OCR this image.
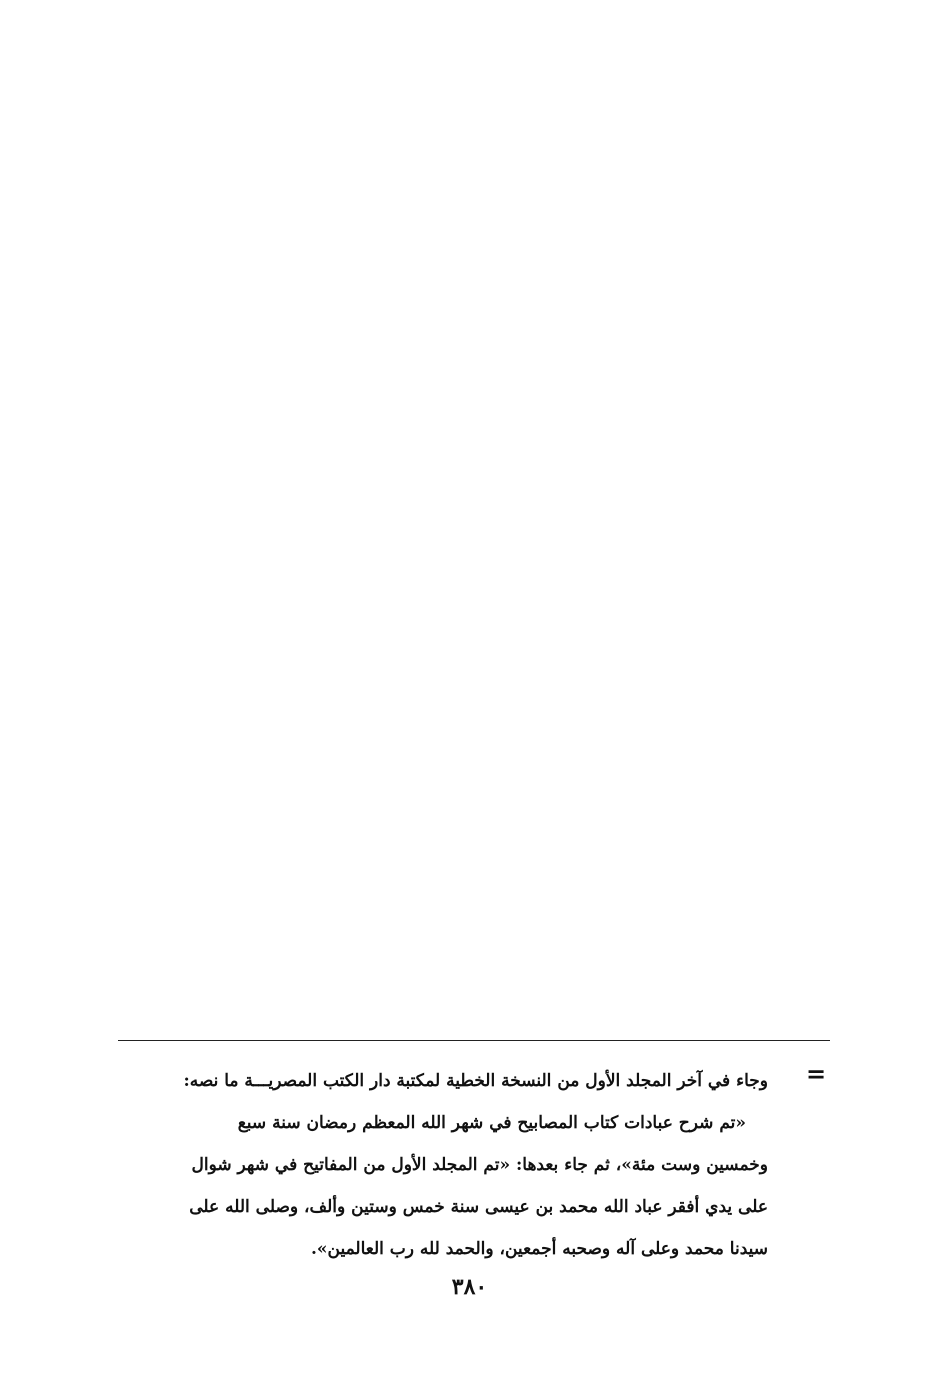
=
وجاء في آخر المجلد الأول من النسخة الخطية لمكتبة دار الكتب المصريـــة ما نصه:
«تم شرح عبادات كتاب المصابيح في شهر الله المعظم رمضان سنة سبع
وخمسين وست مئة»، ثم جاء بعدها: «تم المجلد الأول من المفاتيح في شهر شوال
على يدي أفقر عباد الله محمد بن عيسى سنة خمس وستين وألف، وصلى الله على
سيدنا محمد وعلى آله وصحبه أجمعين، والحمد لله رب العالمين».
٣٨٠
